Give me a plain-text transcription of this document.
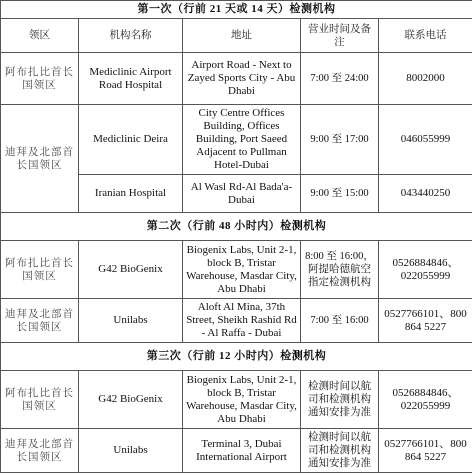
第一次（行前 21 天或 14 天）检测机构				
领区	机构名称	地址	营业时间及备注	联系电话
阿布扎比首长国领区	Mediclinic Airport Road Hospital	Airport Road - Next to Zayed Sports City - Abu Dhabi	7:00 至 24:00	8002000
迪拜及北部首长国领区	Mediclinic Deira	City Centre Offices Building, Offices Building, Port Saeed Adjacent to Pullman Hotel-Dubai	9:00 至 17:00	046055999
	Iranian Hospital	Al Wasl Rd-Al Bada'a-Dubai	9:00 至 15:00	043440250
第二次（行前 48 小时内）检测机构				
阿布扎比首长国领区	G42 BioGenix	Biogenix Labs, Unit 2-1, block B, Tristar Warehouse, Masdar City, Abu Dhabi	8:00 至 16:00，阿提哈德航空指定检测机构	0526884846、022055999
迪拜及北部首长国领区	Unilabs	Aloft Al Mina, 37th Street, Sheikh Rashid Rd - Al Raffa - Dubai	7:00 至 16:00	0527766101、800 864 5227
第三次（行前 12 小时内）检测机构				
阿布扎比首长国领区	G42 BioGenix	Biogenix Labs, Unit 2-1, block B, Tristar Warehouse, Masdar City, Abu Dhabi	检测时间以航司和检测机构通知安排为准	0526884846、022055999
迪拜及北部首长国领区	Unilabs	Terminal 3, Dubai International Airport	检测时间以航司和检测机构通知安排为准	0527766101、800 864 5227
